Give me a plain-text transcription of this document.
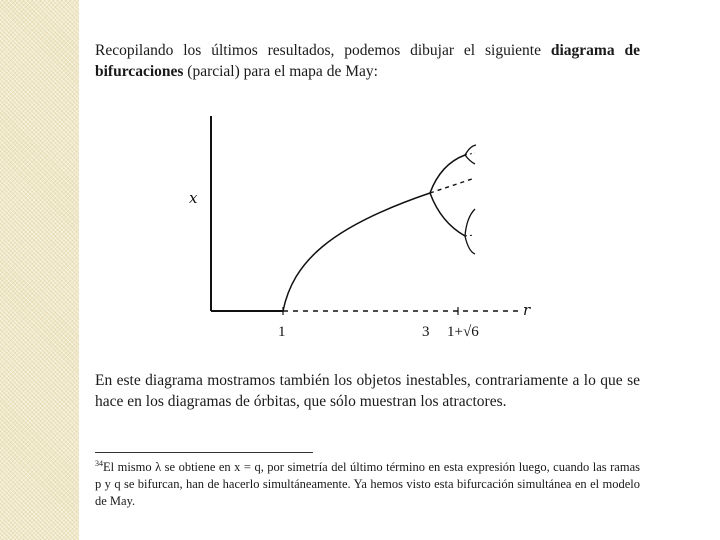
Recopilando los últimos resultados, podemos dibujar el siguiente diagrama de bifurcaciones (parcial) para el mapa de May:

x
r
1	3 1+√6

En este diagrama mostramos también los objetos inestables, contrariamente a lo que se hace en los diagramas de órbitas, que sólo muestran los atractores.

$^{34}$El mismo λ se obtiene en x = q, por simetría del último término en esta expresión luego, cuando las ramas p y q se bifurcan, han de hacerlo simultáneamente. Ya hemos visto esta bifurcación simultánea en el modelo de May.
